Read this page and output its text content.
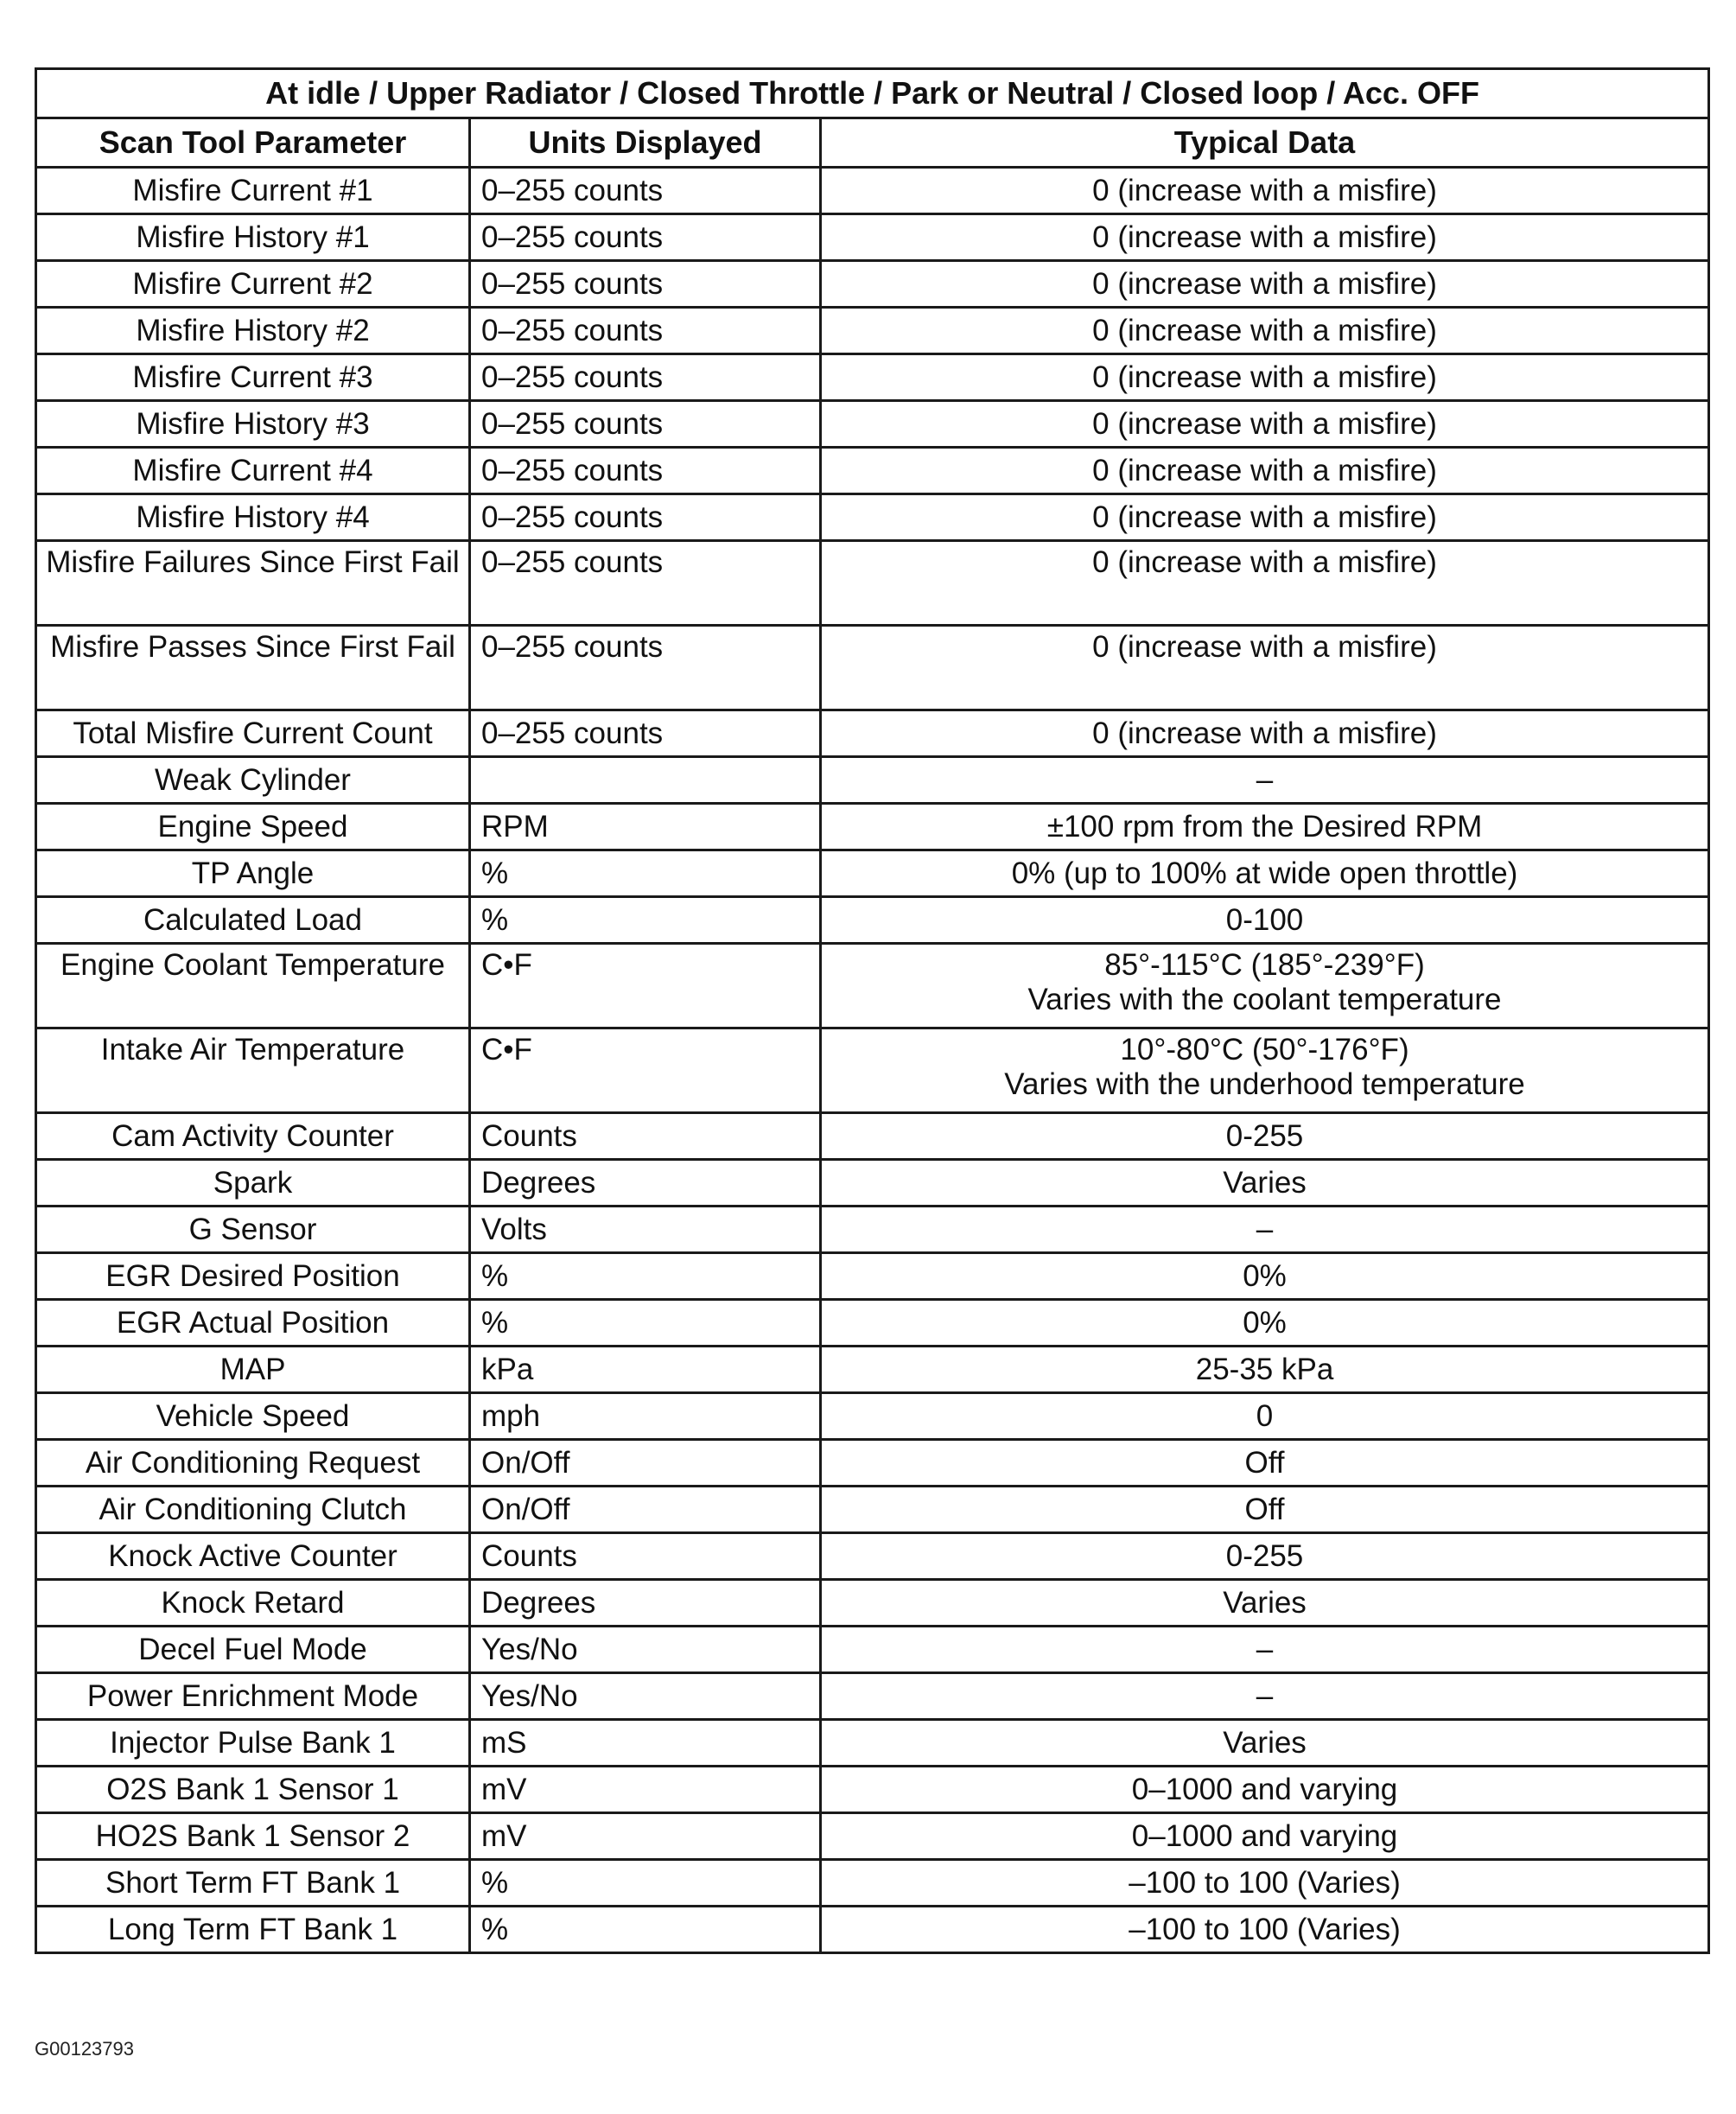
At idle / Upper Radiator / Closed Throttle / Park or Neutral / Closed loop / Acc. OFF		
Scan Tool Parameter	Units Displayed	Typical Data
Misfire Current #1	0–255 counts	0 (increase with a misfire)

Misfire History #1	0–255 counts	0 (increase with a misfire)

Misfire Current #2	0–255 counts	0 (increase with a misfire)

Misfire History #2	0–255 counts	0 (increase with a misfire)

Misfire Current #3	0–255 counts	0 (increase with a misfire)

Misfire History #3	0–255 counts	0 (increase with a misfire)

Misfire Current #4	0–255 counts	0 (increase with a misfire)

Misfire History #4	0–255 counts	0 (increase with a misfire)

Misfire Failures Since First Fail	0–255 counts	0 (increase with a misfire)

Misfire Passes Since First Fail	0–255 counts	0 (increase with a misfire)

Total Misfire Current Count	0–255 counts	0 (increase with a misfire)

Weak Cylinder		–

Engine Speed	RPM	±100 rpm from the Desired RPM

TP Angle	%	0% (up to 100% at wide open throttle)

Calculated Load	%	0-100

Engine Coolant Temperature	C•F	85°-115°C (185°-239°F)
Varies with the coolant temperature

Intake Air Temperature	C•F	10°-80°C (50°-176°F)
Varies with the underhood temperature

Cam Activity Counter	Counts	0-255

Spark	Degrees	Varies

G Sensor	Volts	–

EGR Desired Position	%	0%

EGR Actual Position	%	0%

MAP	kPa	25-35 kPa

Vehicle Speed	mph	0

Air Conditioning Request	On/Off	Off

Air Conditioning Clutch	On/Off	Off

Knock Active Counter	Counts	0-255

Knock Retard	Degrees	Varies

Decel Fuel Mode	Yes/No	–

Power Enrichment Mode	Yes/No	–

Injector Pulse Bank 1	mS	Varies

O2S Bank 1 Sensor 1	mV	0–1000 and varying

HO2S Bank 1 Sensor 2	mV	0–1000 and varying

Short Term FT Bank 1	%	–100 to 100 (Varies)

Long Term FT Bank 1	%	–100 to 100 (Varies)
G00123793
